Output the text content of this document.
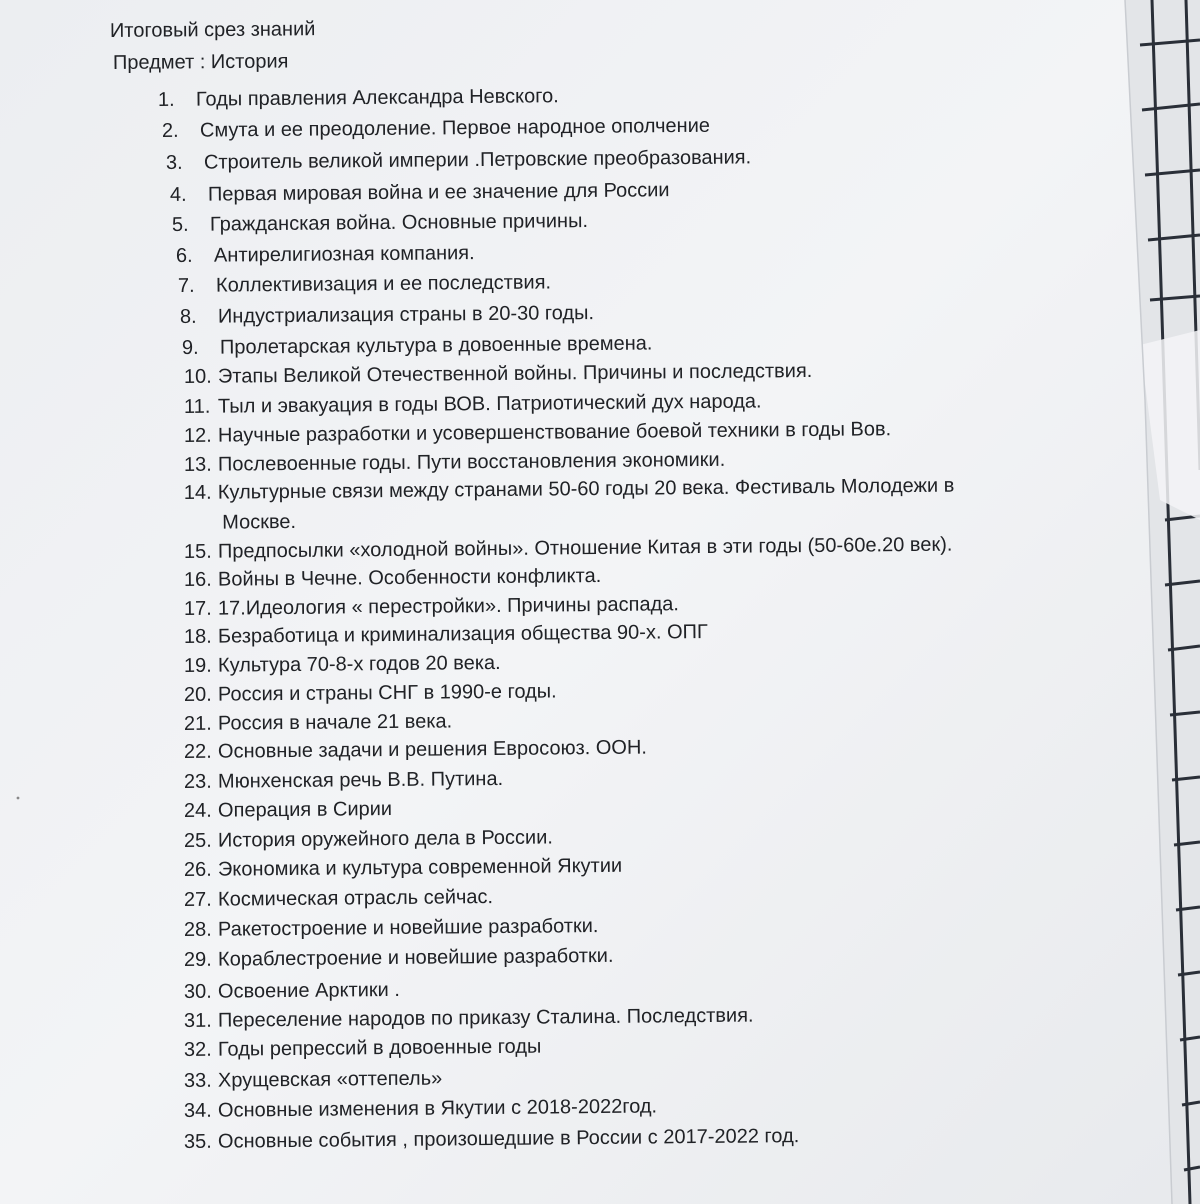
Итоговый срез знаний
Предмет : История
1. Годы правления Александра Невского.
2. Смута и ее преодоление. Первое народное ополчение
3. Строитель великой империи .Петровские преобразования.
4. Первая мировая война и ее значение для России
5. Гражданская война. Основные причины.
6. Антирелигиозная компания.
7. Коллективизация и ее последствия.
8. Индустриализация страны в 20-30 годы.
9. Пролетарская культура в довоенные времена.
10. Этапы Великой Отечественной войны. Причины и последствия.
11. Тыл и эвакуация в годы ВОВ. Патриотический дух народа.
12. Научные разработки и усовершенствование боевой техники в годы Вов.
13. Послевоенные годы. Пути восстановления экономики.
14. Культурные связи между странами 50-60 годы 20 века. Фестиваль Молодежи в
Москве.
15. Предпосылки «холодной войны». Отношение Китая в эти годы (50-60е.20 век).
16. Войны в Чечне. Особенности конфликта.
17. 17.Идеология « перестройки». Причины распада.
18. Безработица и криминализация общества 90-х. ОПГ
19. Культура 70-8-х годов 20 века.
20. Россия и страны СНГ в 1990-е годы.
21. Россия в начале 21 века.
22. Основные задачи и решения Евросоюз. ООН.
23. Мюнхенская речь В.В. Путина.
24. Операция в Сирии
25. История оружейного дела в России.
26. Экономика и культура современной Якутии
27. Космическая отрасль сейчас.
28. Ракетостроение и новейшие разработки.
29. Кораблестроение и новейшие разработки.
30. Освоение Арктики .
31. Переселение народов по приказу Сталина. Последствия.
32. Годы репрессий в довоенные годы
33. Хрущевская «оттепель»
34. Основные изменения в Якутии с 2018-2022год.
35. Основные события , произошедшие в России с 2017-2022 год.
